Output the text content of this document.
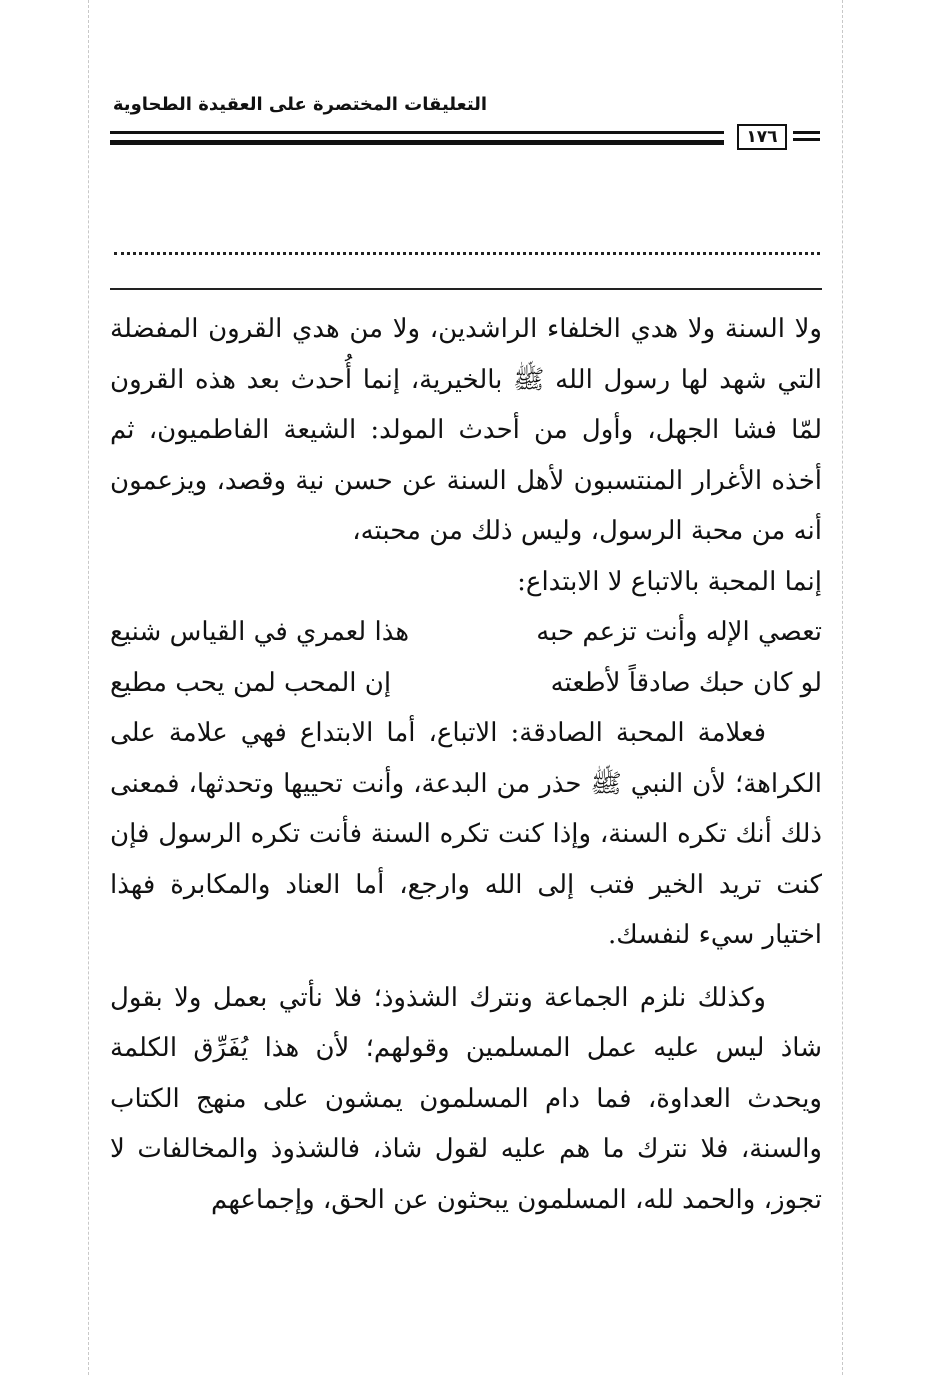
التعليقات المختصرة على العقيدة الطحاوية
١٧٦

ولا السنة ولا هدي الخلفاء الراشدين، ولا من هدي القرون المفضلة التي شهد لها رسول الله ﷺ بالخيرية، إنما أُحدث بعد هذه القرون لمّا فشا الجهل، وأول من أحدث المولد: الشيعة الفاطميون، ثم أخذه الأغرار المنتسبون لأهل السنة عن حسن نية وقصد، ويزعمون أنه من محبة الرسول، وليس ذلك من محبته،

إنما المحبة بالاتباع لا الابتداع:

تعصي الإله وأنت تزعم حبه
هذا لعمري في القياس شنيع
لو كان حبك صادقاً لأطعته
إن المحب لمن يحب مطيع

فعلامة المحبة الصادقة: الاتباع، أما الابتداع فهي علامة على الكراهة؛ لأن النبي ﷺ حذر من البدعة، وأنت تحييها وتحدثها، فمعنى ذلك أنك تكره السنة، وإذا كنت تكره السنة فأنت تكره الرسول فإن كنت تريد الخير فتب إلى الله وارجع، أما العناد والمكابرة فهذا اختيار سيء لنفسك.

وكذلك نلزم الجماعة ونترك الشذوذ؛ فلا نأتي بعمل ولا بقول شاذ ليس عليه عمل المسلمين وقولهم؛ لأن هذا يُفَرِّق الكلمة ويحدث العداوة، فما دام المسلمون يمشون على منهج الكتاب والسنة، فلا نترك ما هم عليه لقول شاذ، فالشذوذ والمخالفات لا تجوز، والحمد لله، المسلمون يبحثون عن الحق، وإجماعهم
